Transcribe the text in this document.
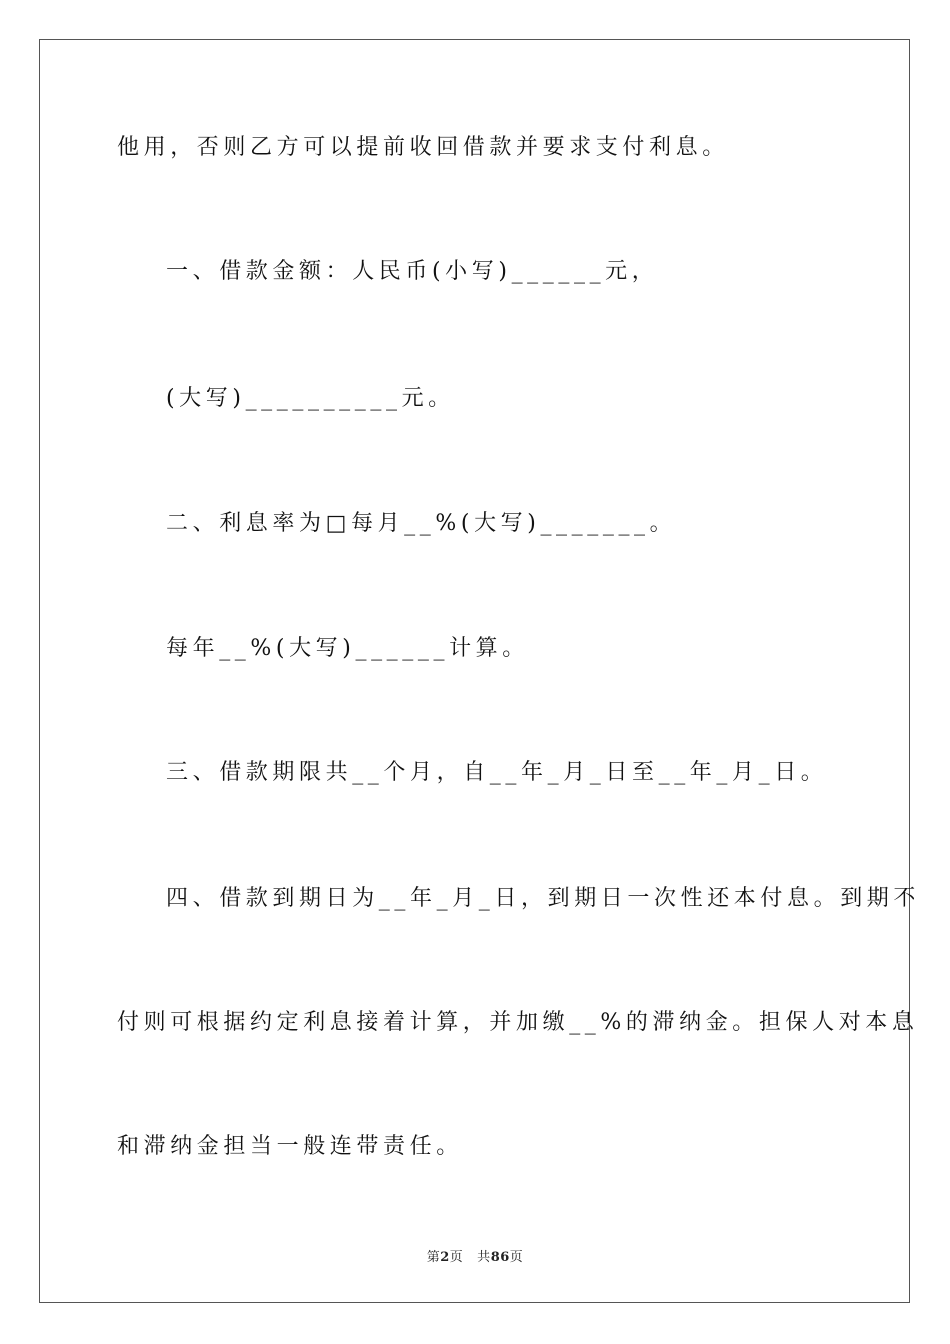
他用，否则乙方可以提前收回借款并要求支付利息。
一、借款金额：人民币(小写)______元，
(大写)__________元。
二、利息率为□每月__%(大写)_______。
每年__%(大写)______计算。
三、借款期限共__个月，自__年_月_日至__年_月_日。
四、借款到期日为__年_月_日，到期日一次性还本付息。到期不
付则可根据约定利息接着计算，并加缴__%的滞纳金。担保人对本息
和滞纳金担当一般连带责任。
第2页 共86页
